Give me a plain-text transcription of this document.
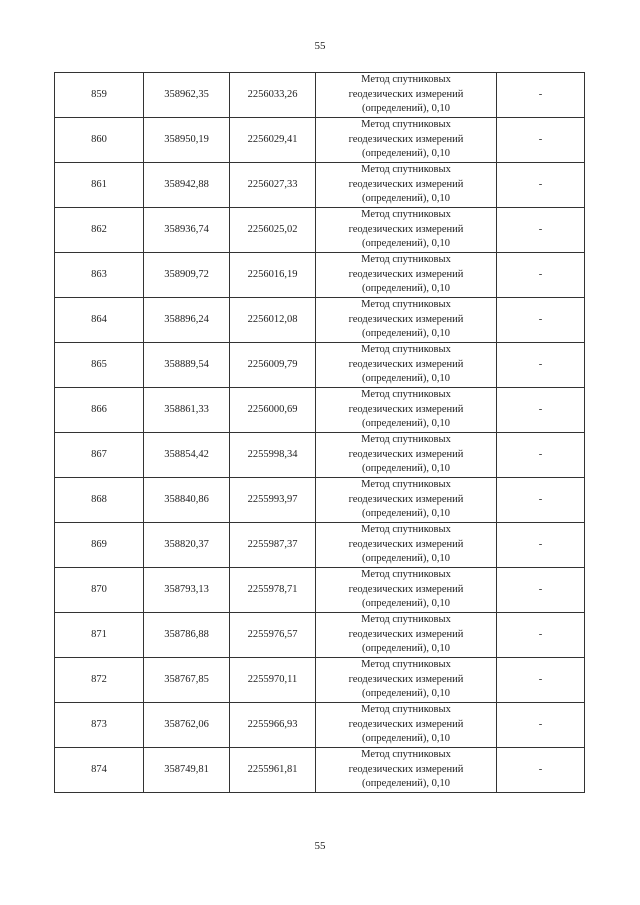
55
859	358962,35	2256033,26	Метод спутниковых
геодезических измерений
(определений), 0,10	-
860	358950,19	2256029,41	Метод спутниковых
геодезических измерений
(определений), 0,10	-
861	358942,88	2256027,33	Метод спутниковых
геодезических измерений
(определений), 0,10	-
862	358936,74	2256025,02	Метод спутниковых
геодезических измерений
(определений), 0,10	-
863	358909,72	2256016,19	Метод спутниковых
геодезических измерений
(определений), 0,10	-
864	358896,24	2256012,08	Метод спутниковых
геодезических измерений
(определений), 0,10	-
865	358889,54	2256009,79	Метод спутниковых
геодезических измерений
(определений), 0,10	-
866	358861,33	2256000,69	Метод спутниковых
геодезических измерений
(определений), 0,10	-
867	358854,42	2255998,34	Метод спутниковых
геодезических измерений
(определений), 0,10	-
868	358840,86	2255993,97	Метод спутниковых
геодезических измерений
(определений), 0,10	-
869	358820,37	2255987,37	Метод спутниковых
геодезических измерений
(определений), 0,10	-
870	358793,13	2255978,71	Метод спутниковых
геодезических измерений
(определений), 0,10	-
871	358786,88	2255976,57	Метод спутниковых
геодезических измерений
(определений), 0,10	-
872	358767,85	2255970,11	Метод спутниковых
геодезических измерений
(определений), 0,10	-
873	358762,06	2255966,93	Метод спутниковых
геодезических измерений
(определений), 0,10	-
874	358749,81	2255961,81	Метод спутниковых
геодезических измерений
(определений), 0,10	-
55
